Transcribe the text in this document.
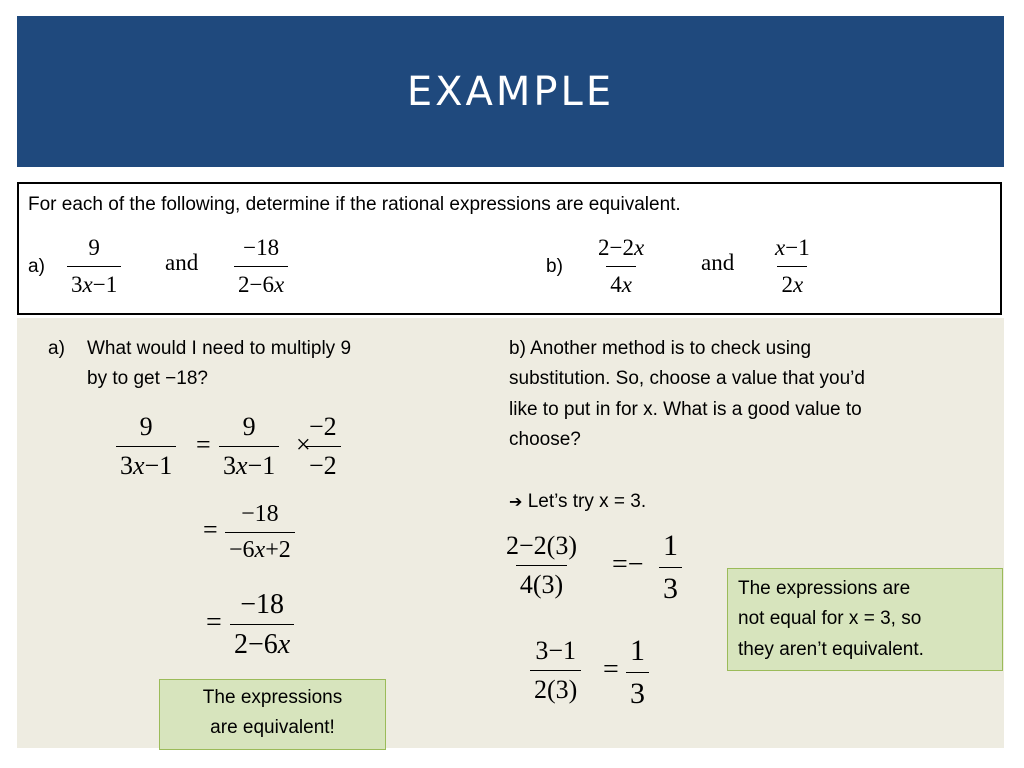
EXAMPLE
For each of the following, determine if the rational expressions are equivalent.
$a) \frac{9}{3x-1}$ and $\frac{-18}{2-6x}$	$b) \frac{2-2x}{4x}$ and $\frac{x-1}{2x}$
a) What would I need to multiply 9
by to get −18?
$\frac{9}{3x-1} = \frac{9}{3x-1}$ ×
$\frac{-2}{-2}$
= $\frac{-18}{-6x+2}$
= $\frac{-18}{2-6x}$
The expressions
are equivalent!
b) Another method is to check using
substitution. So, choose a value that you’d
like to put in for x. What is a good value to
choose?
➔ Let’s try x = 3.
$\frac{2-2(3)}{4(3)} =- \frac{1}{3}$
$\frac{3-1}{2(3)} = \frac{1}{3}$
The expressions are
not equal for x = 3, so
they aren’t equivalent.
